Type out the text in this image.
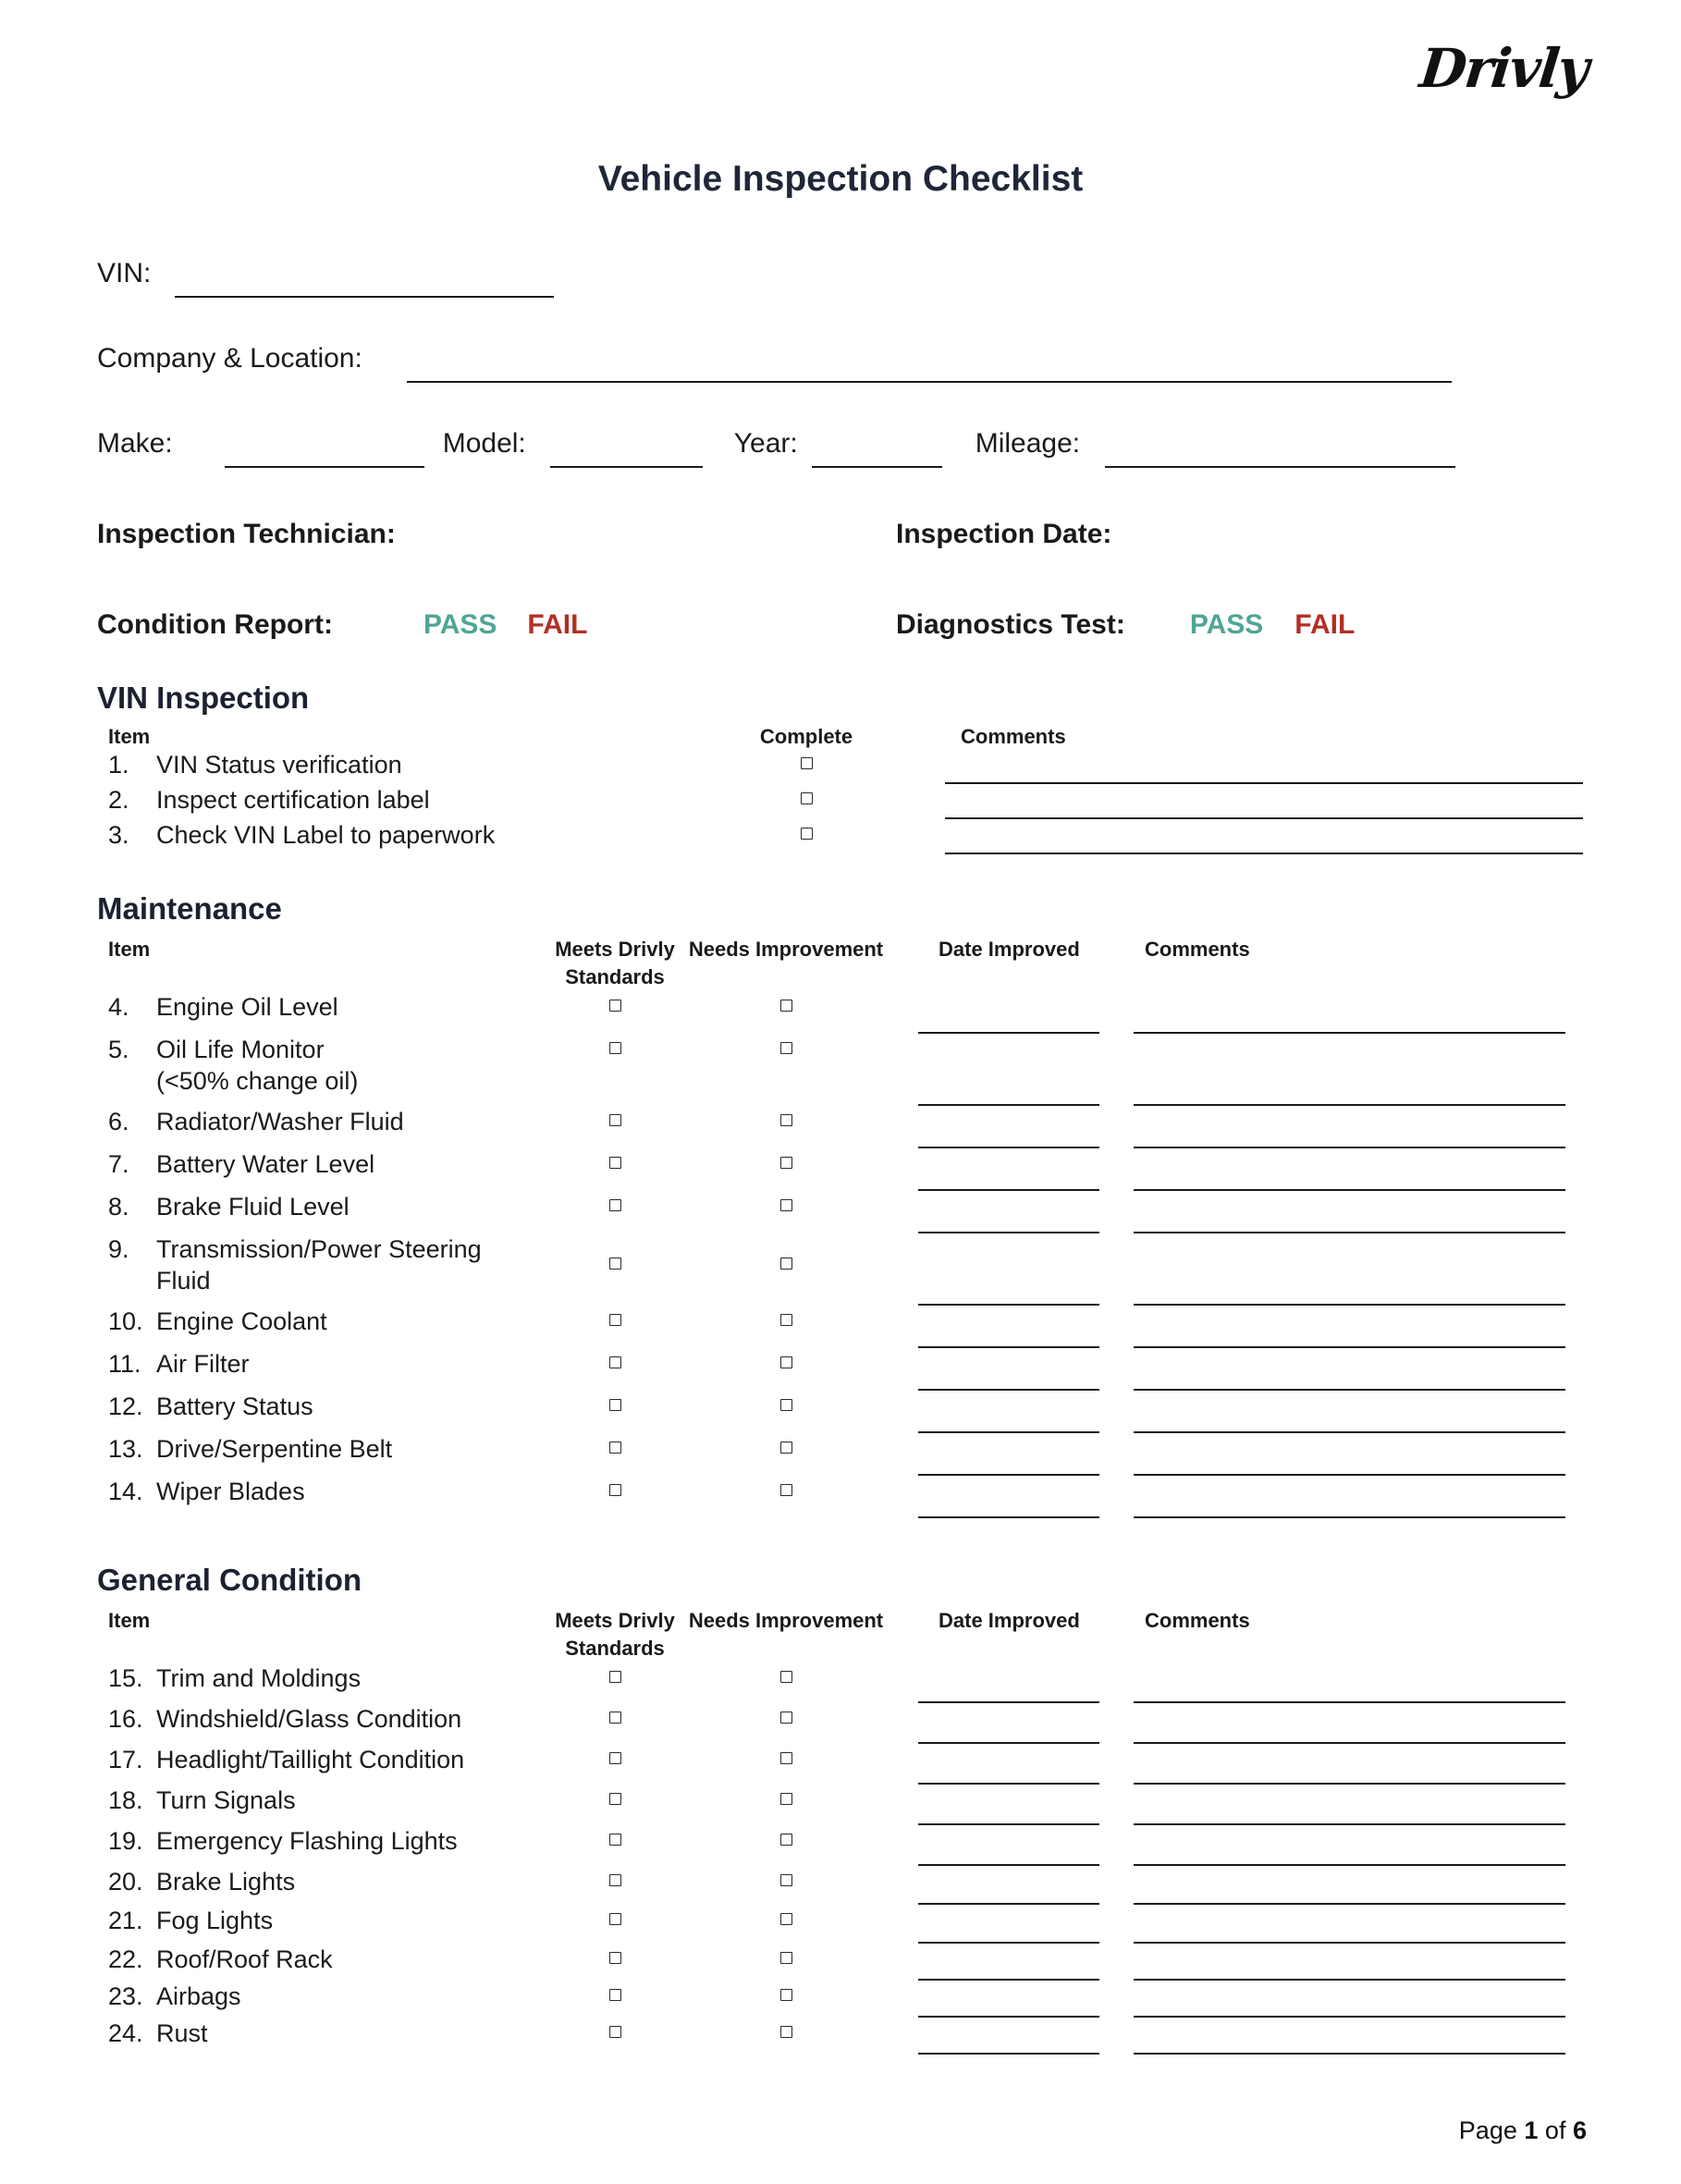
Drivly
Vehicle Inspection Checklist
VIN:
Company & Location:
Make:	Model:	Year:	Mileage:
Inspection Technician:	Inspection Date:
Condition Report:	PASS FAIL	Diagnostics Test: PASS FAIL
VIN Inspection
Item	Complete	Comments
1.	VIN Status verification
2.	Inspect certification label
3.	Check VIN Label to paperwork
Maintenance
Item	Meets Drivly
Standards
Needs Improvement	Date Improved	Comments
4.	Engine Oil Level
5.	Oil Life Monitor
(<50% change oil)
6.	Radiator/Washer Fluid
7.	Battery Water Level
8.	Brake Fluid Level
9.	Transmission/Power Steering
Fluid
10. Engine Coolant
11. Air Filter
12. Battery Status
13. Drive/Serpentine Belt
14. Wiper Blades
General Condition
Item	Meets Drivly
Standards
Needs Improvement	Date Improved	Comments
15. Trim and Moldings
16. Windshield/Glass Condition
17. Headlight/Taillight Condition
18. Turn Signals
19. Emergency Flashing Lights
20. Brake Lights
21. Fog Lights
22. Roof/Roof Rack
23. Airbags
24. Rust
Page 1 of 6
